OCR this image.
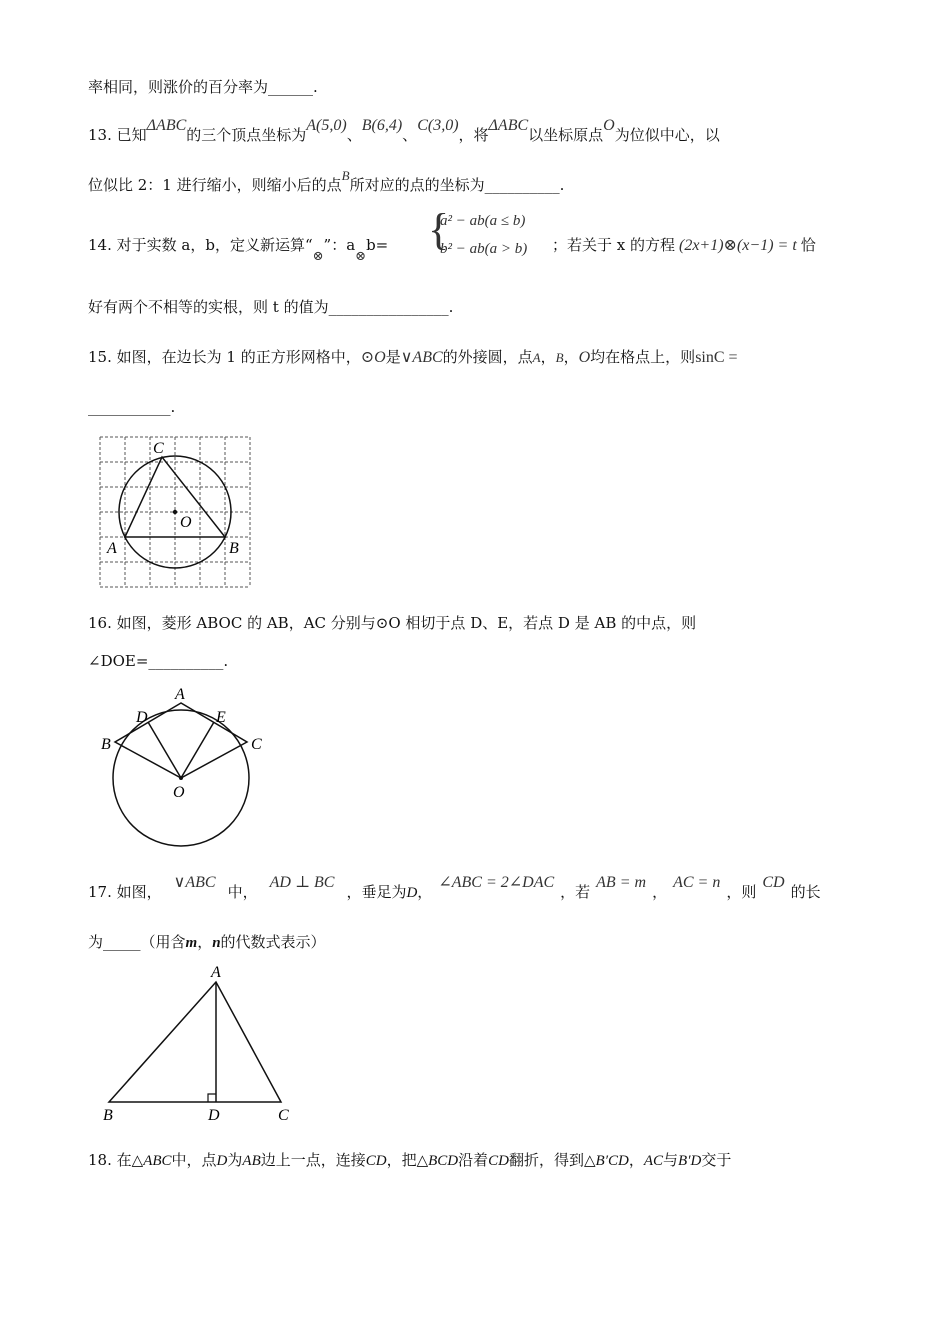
率相同，则涨价的百分率为______.
13. 已知ΔABC的三个顶点坐标为A(5,0)、B(6,4)、C(3,0)，将ΔABC以坐标原点O为位似中心，以
位似比 2：1 进行缩小，则缩小后的点B所对应的点的坐标为__________.
14. 对于实数 a，b，定义新运算“⊗”：a⊗b= {
a² − ab(a ≤ b)
b² − ab(a > b) ；若关于 x 的方程 (2x+1)⊗(x−1) = t 恰
好有两个不相等的实根，则 t 的值为________________.
15. 如图，在边长为 1 的正方形网格中，⊙O是∨ABC的外接圆，点A，B，O均在格点上，则sinC =
___________.
C
O
A	B
16. 如图，菱形 ABOC 的 AB，AC 分别与⊙O 相切于点 D、E，若点 D 是 AB 的中点，则
∠DOE=__________.
A
D	E
B	C
O
17. 如图，∨ABC中，AD ⊥ BC，垂足为D，∠ABC = 2∠DAC，若AB = m，AC = n，则CD的长
为_____（用含m，n的代数式表示）
A
B	D	C
18. 在△ABC中，点D为AB边上一点，连接CD，把△BCD沿着CD翻折，得到△B′CD，AC与B′D交于
